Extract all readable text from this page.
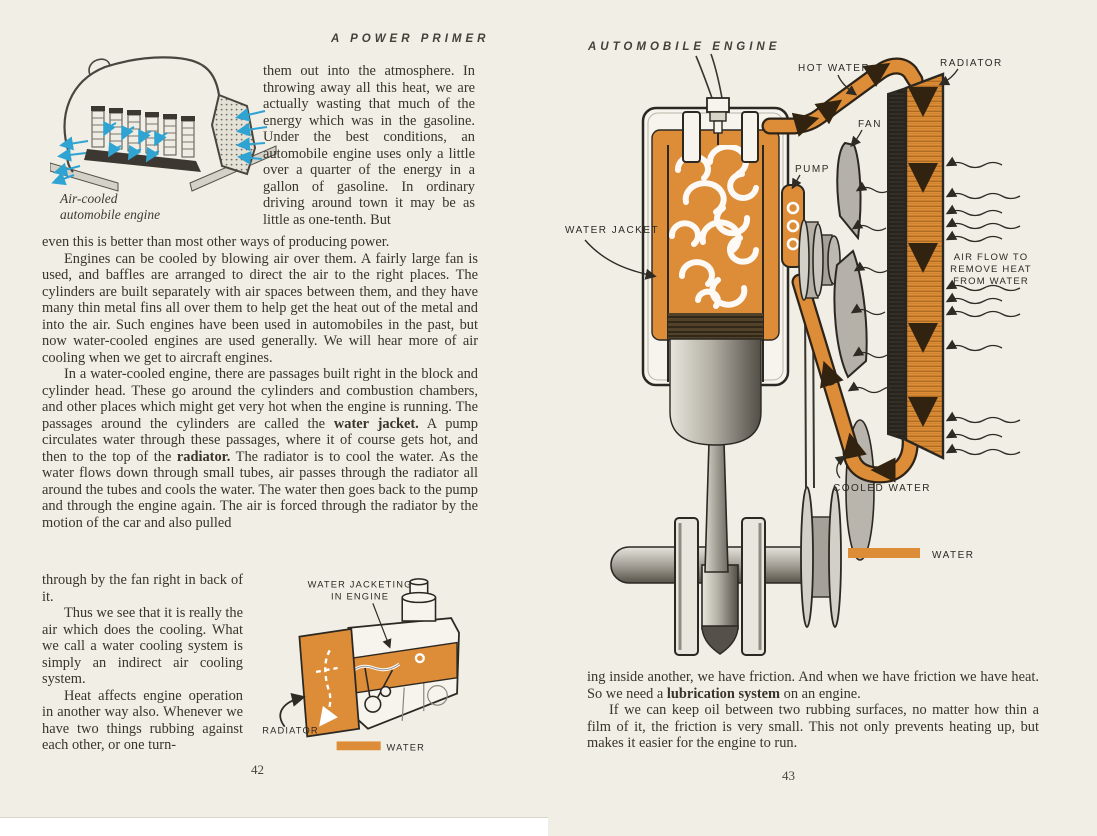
A POWER PRIMER
Air-cooled
automobile engine

them out into the atmosphere. In throwing away all this heat, we are actually wasting that much of the energy which was in the gasoline. Under the best conditions, an automobile engine uses only a little over a quarter of the energy in a gallon of gasoline. In ordinary driving around town it may be as little as one-tenth. But

even this is better than most other ways of producing power.

Engines can be cooled by blowing air over them. A fairly large fan is used, and baffles are arranged to direct the air to the right places. The cylinders are built separately with air spaces between them, and they have many thin metal fins all over them to help get the heat out of the metal and into the air. Such engines have been used in automobiles in the past, but now water-cooled engines are used generally. We will hear more of air cooling when we get to aircraft engines.

In a water-cooled engine, there are passages built right in the block and cylinder head. These go around the cylinders and combustion chambers, and other places which might get very hot when the engine is running. The passages around the cylinders are called the water jacket. A pump circulates water through these passages, where it of course gets hot, and then to the top of the radiator. The radiator is to cool the water. As the water flows down through small tubes, air passes through the radiator all around the tubes and cools the water. The water then goes back to the pump and through the engine again. The air is forced through the radiator by the motion of the car and also pulled

WATER JACKETING
IN ENGINE
RADIATOR
WATER

through by the fan right in back of it.

Thus we see that it is really the air which does the cooling. What we call a water cooling system is simply an indirect air cooling system.

Heat affects engine operation in another way also. Whenever we have two things rubbing against each other, or one turn-

42
AUTOMOBILE ENGINE
HOT WATER	RADIATOR
FAN
PUMP
WATER JACKET
AIR FLOW TO
REMOVE HEAT
FROM WATER
COOLED WATER
WATER

ing inside another, we have friction. And when we have friction we have heat. So we need a lubrication system on an engine.

If we can keep oil between two rubbing surfaces, no matter how thin a film of it, the friction is very small. This not only prevents heating up, but makes it easier for the engine to run.

43
